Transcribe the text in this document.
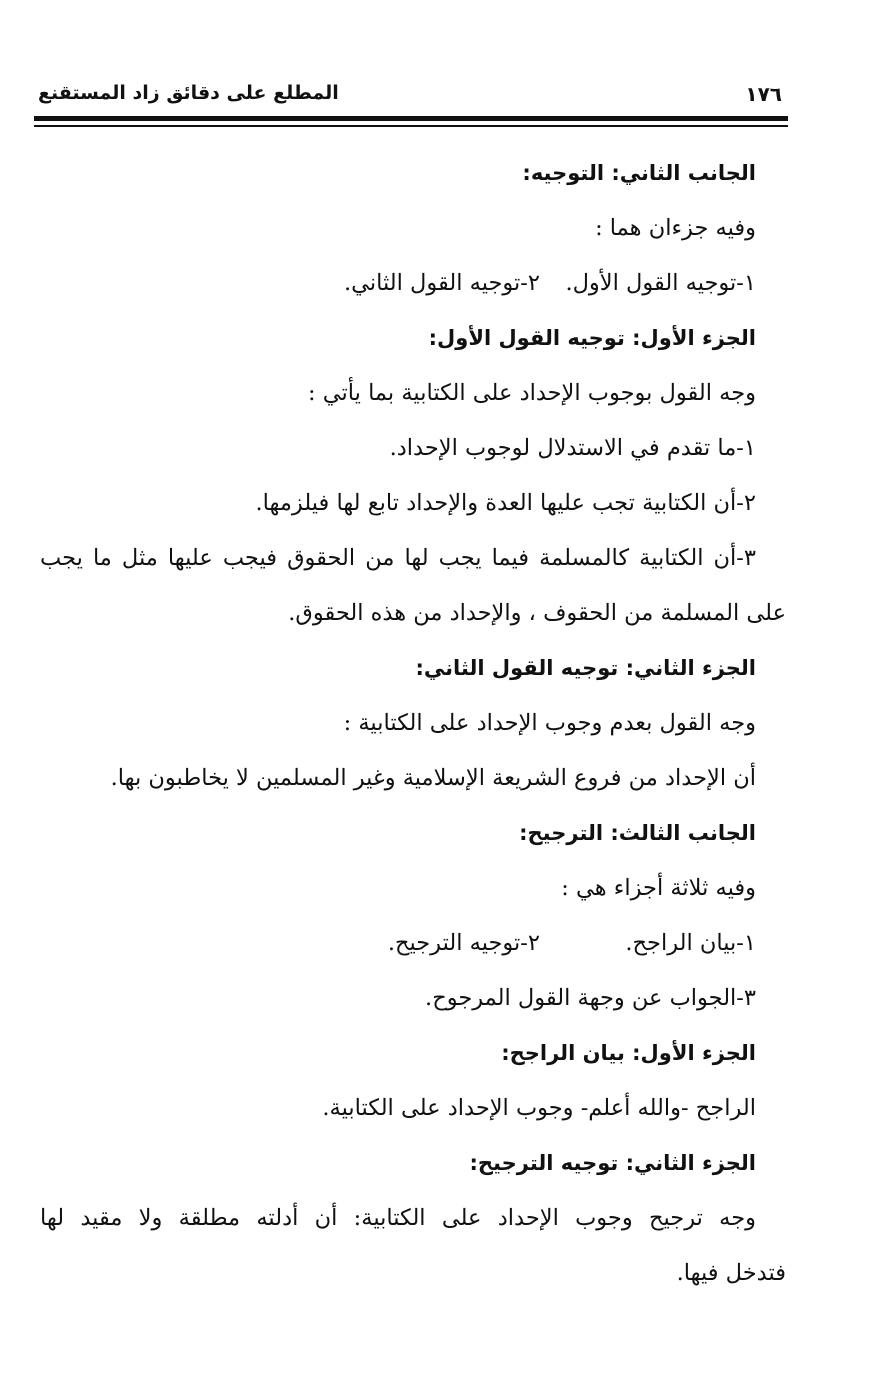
١٧٦
المطلع على دقائق زاد المستقنع
الجانب الثاني: التوجيه:
وفيه جزءان هما :
١-توجيه القول الأول.
٢-توجيه القول الثاني.
الجزء الأول: توجيه القول الأول:
وجه القول بوجوب الإحداد على الكتابية بما يأتي :
١-ما تقدم في الاستدلال لوجوب الإحداد.
٢-أن الكتابية تجب عليها العدة والإحداد تابع لها فيلزمها.
٣-أن الكتابية كالمسلمة فيما يجب لها من الحقوق فيجب عليها مثل ما يجب
على المسلمة من الحقوف ، والإحداد من هذه الحقوق.
الجزء الثاني: توجيه القول الثاني:
وجه القول بعدم وجوب الإحداد على الكتابية :
أن الإحداد من فروع الشريعة الإسلامية وغير المسلمين لا يخاطبون بها.
الجانب الثالث: الترجيح:
وفيه ثلاثة أجزاء هي :
١-بيان الراجح.
٢-توجيه الترجيح.
٣-الجواب عن وجهة القول المرجوح.
الجزء الأول: بيان الراجح:
الراجح -والله أعلم- وجوب الإحداد على الكتابية.
الجزء الثاني: توجيه الترجيح:
وجه ترجيح وجوب الإحداد على الكتابية: أن أدلته مطلقة ولا مقيد لها
فتدخل فيها.
